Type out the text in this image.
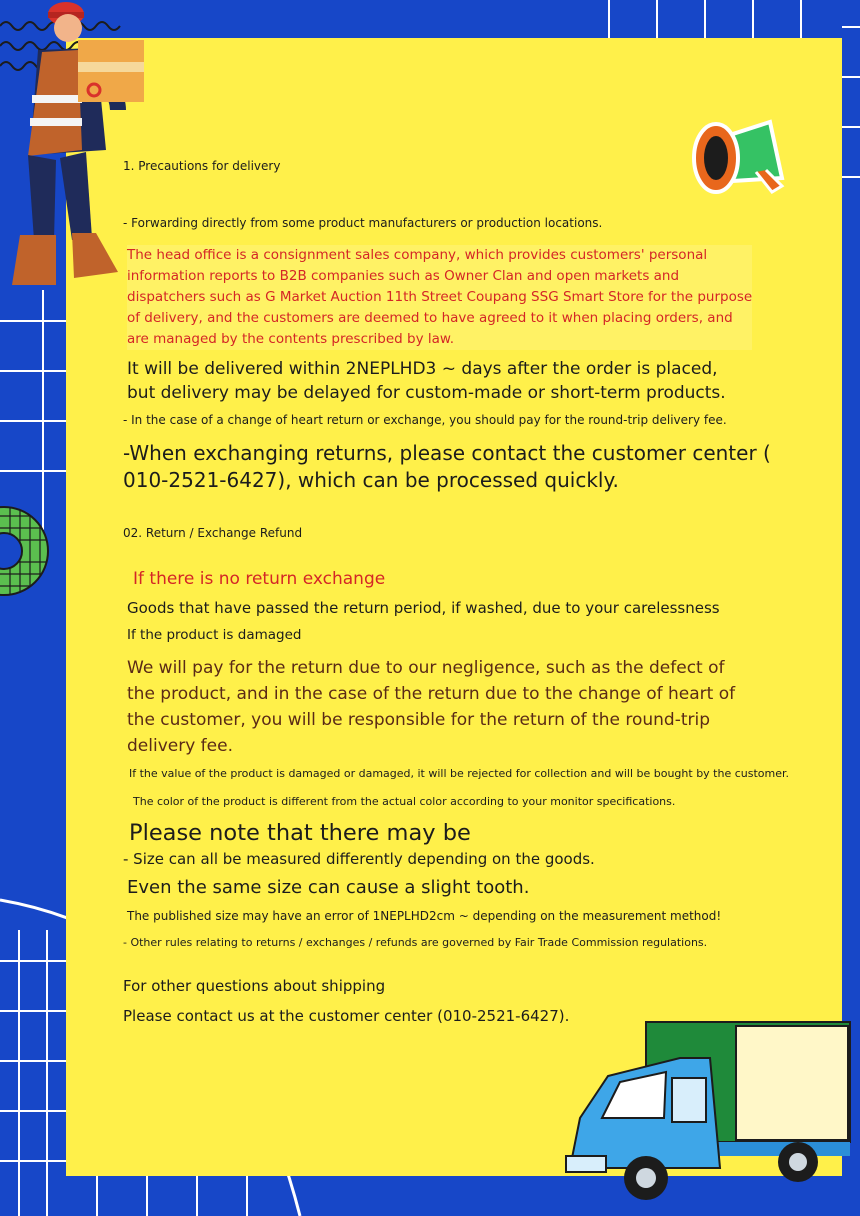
1. Precautions for delivery
- Forwarding directly from some product manufacturers or production locations.
The head office is a consignment sales company, which provides customers' personal
information reports to B2B companies such as Owner Clan and open markets and
dispatchers such as G Market Auction 11th Street Coupang SSG Smart Store for the purpose
of delivery, and the customers are deemed to have agreed to it when placing orders, and
are managed by the contents prescribed by law.
It will be delivered within 2NEPLHD3 ~ days after the order is placed,
but delivery may be delayed for custom-made or short-term products.
- In the case of a change of heart return or exchange, you should pay for the round-trip delivery fee.
-When exchanging returns, please contact the customer center (
010-2521-6427), which can be processed quickly.
02. Return / Exchange Refund
If there is no return exchange
Goods that have passed the return period, if washed, due to your carelessness
If the product is damaged
We will pay for the return due to our negligence, such as the defect of
the product, and in the case of the return due to the change of heart of
the customer, you will be responsible for the return of the round-trip
delivery fee.
If the value of the product is damaged or damaged, it will be rejected for collection and will be bought by the customer.
The color of the product is different from the actual color according to your monitor specifications.
Please note that there may be
- Size can all be measured differently depending on the goods.
Even the same size can cause a slight tooth.
The published size may have an error of 1NEPLHD2cm ~ depending on the measurement method!
- Other rules relating to returns / exchanges / refunds are governed by Fair Trade Commission regulations.
For other questions about shipping
Please contact us at the customer center (010-2521-6427).
